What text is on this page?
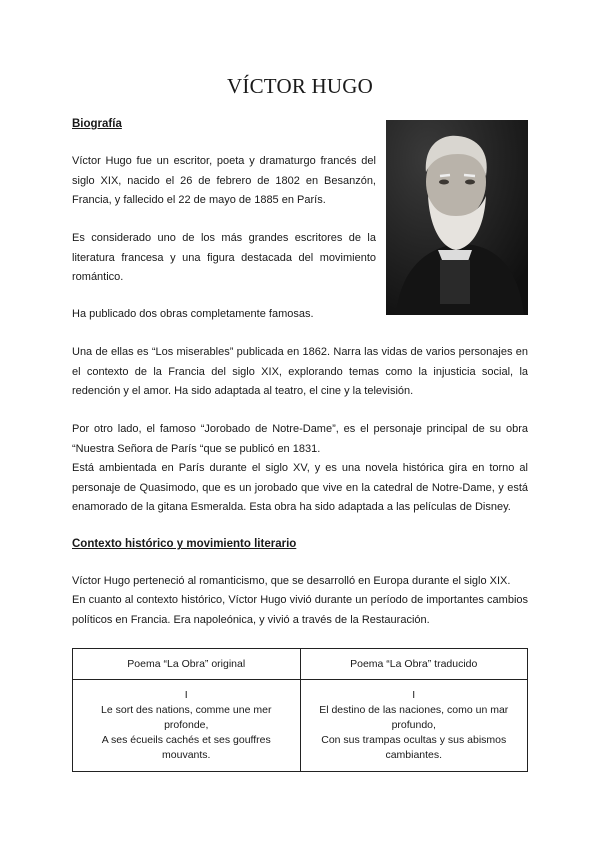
VÍCTOR HUGO
Biografía

Víctor Hugo fue un escritor, poeta y dramaturgo francés del siglo XIX, nacido el 26 de febrero de 1802 en Besanzón, Francia, y fallecido el 22 de mayo de 1885 en París.

Es considerado uno de los más grandes escritores de la literatura francesa y una figura destacada del movimiento romántico.

Ha publicado dos obras completamente famosas.

Una de ellas es “Los miserables” publicada en 1862. Narra las vidas de varios personajes en el contexto de la Francia del siglo XIX, explorando temas como la injusticia social, la redención y el amor. Ha sido adaptada al teatro, el cine y la televisión.

Por otro lado, el famoso “Jorobado de Notre-Dame”, es el personaje principal de su obra “Nuestra Señora de París “que se publicó en 1831.

Está ambientada en París durante el siglo XV, y es una novela histórica gira en torno al personaje de Quasimodo, que es un jorobado que vive en la catedral de Notre-Dame, y está enamorado de la gitana Esmeralda. Esta obra ha sido adaptada a las películas de Disney.

Contexto histórico y movimiento literario

Víctor Hugo perteneció al romanticismo, que se desarrolló en Europa durante el siglo XIX.

En cuanto al contexto histórico, Víctor Hugo vivió durante un período de importantes cambios políticos en Francia. Era napoleónica, y vivió a través de la Restauración.

Poema “La Obra” original	Poema “La Obra” traducido

I
Le sort des nations, comme une mer
profonde,
A ses écueils cachés et ses gouffres
mouvants.	I
El destino de las naciones, como un mar
profundo,
Con sus trampas ocultas y sus abismos
cambiantes.
